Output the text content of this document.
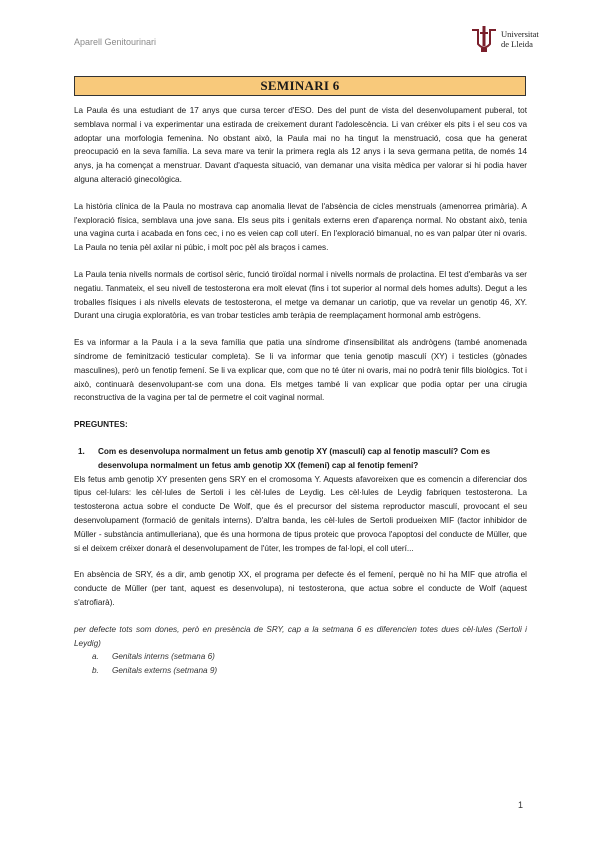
Aparell Genitourinari
Universitat
de Lleida
SEMINARI 6

La Paula és una estudiant de 17 anys que cursa tercer d'ESO. Des del punt de vista del desenvolupament puberal, tot semblava normal i va experimentar una estirada de creixement durant l'adolescència. Li van créixer els pits i el seu cos va adoptar una morfologia femenina. No obstant això, la Paula mai no ha tingut la menstruació, cosa que ha generat preocupació en la seva família. La seva mare va tenir la primera regla als 12 anys i la seva germana petita, de només 14 anys, ja ha començat a menstruar. Davant d'aquesta situació, van demanar una visita mèdica per valorar si hi podia haver alguna alteració ginecològica.

La història clínica de la Paula no mostrava cap anomalia llevat de l'absència de cicles menstruals (amenorrea primària). A l'exploració física, semblava una jove sana. Els seus pits i genitals externs eren d'aparença normal. No obstant això, tenia una vagina curta i acabada en fons cec, i no es veien cap coll uterí. En l'exploració bimanual, no es van palpar úter ni ovaris. La Paula no tenia pèl axilar ni púbic, i molt poc pèl als braços i cames.

La Paula tenia nivells normals de cortisol sèric, funció tiroïdal normal i nivells normals de prolactina. El test d'embaràs va ser negatiu. Tanmateix, el seu nivell de testosterona era molt elevat (fins i tot superior al normal dels homes adults). Degut a les troballes físiques i als nivells elevats de testosterona, el metge va demanar un cariotip, que va revelar un genotip 46, XY. Durant una cirugia exploratòria, es van trobar testicles amb teràpia de reemplaçament hormonal amb estrògens.

Es va informar a la Paula i a la seva família que patia una síndrome d'insensibilitat als andrògens (també anomenada síndrome de feminització testicular completa). Se li va informar que tenia genotip masculí (XY) i testicles (gònades masculines), però un fenotip femení. Se li va explicar que, com que no té úter ni ovaris, mai no podrà tenir fills biològics. Tot i això, continuarà desenvolupant-se com una dona. Els metges també li van explicar que podia optar per una cirugia reconstructiva de la vagina per tal de permetre el coit vaginal normal.

PREGUNTES:

1.	Com es desenvolupa normalment un fetus amb genotip XY (masculí) cap al fenotip masculí? Com es desenvolupa normalment un fetus amb genotip XX (femení) cap al fenotip femení?

Els fetus amb genotip XY presenten gens SRY en el cromosoma Y. Aquests afavoreixen que es comencin a diferenciar dos tipus cel·lulars: les cèl·lules de Sertoli i les cèl·lules de Leydig. Les cèl·lules de Leydig fabriquen testosterona. La testosterona actua sobre el conducte De Wolf, que és el precursor del sistema reproductor masculí, provocant el seu desenvolupament (formació de genitals interns). D'altra banda, les cèl·lules de Sertoli produeixen MIF (factor inhibidor de Müller - substància antimulleriana), que és una hormona de tipus proteic que provoca l'apoptosi del conducte de Müller, que si el deixem créixer donarà el desenvolupament de l'úter, les trompes de fal·lopi, el coll uterí...

En absència de SRY, és a dir, amb genotip XX, el programa per defecte és el femení, perquè no hi ha MIF que atrofia el conducte de Müller (per tant, aquest es desenvolupa), ni testosterona, que actua sobre el conducte de Wolf (aquest s'atrofiarà).

per defecte tots som dones, però en presència de SRY, cap a la setmana 6 es diferencien totes dues cèl·lules (Sertoli i Leydig)

a.	Genitals interns (setmana 6)
b.	Genitals externs (setmana 9)
1
